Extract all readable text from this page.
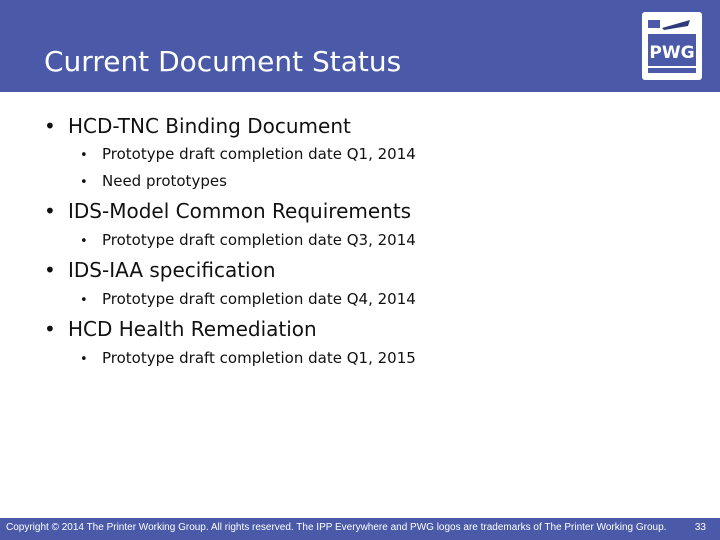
Current Document Status	PWG
• HCD-TNC Binding Document
• Prototype draft completion date Q1, 2014
• Need prototypes
• IDS-Model Common Requirements
• Prototype draft completion date Q3, 2014
• IDS-IAA specification
• Prototype draft completion date Q4, 2014
• HCD Health Remediation
• Prototype draft completion date Q1, 2015
Copyright © 2014 The Printer Working Group. All rights reserved. The IPP Everywhere and PWG logos are trademarks of The Printer Working Group.	33
